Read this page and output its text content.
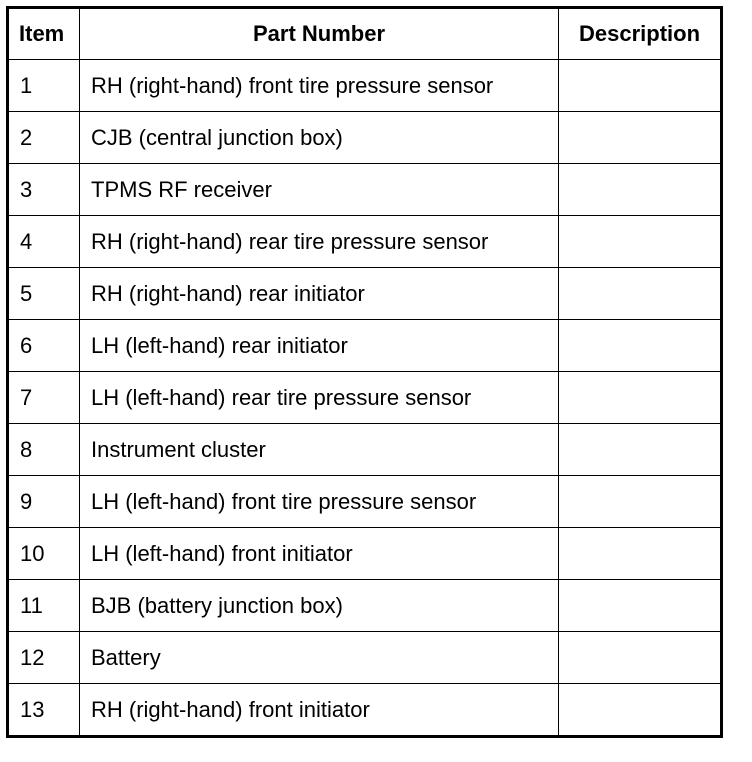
Item	Part Number	Description
1	RH (right-hand) front tire pressure sensor	
2	CJB (central junction box)	
3	TPMS RF receiver	
4	RH (right-hand) rear tire pressure sensor	
5	RH (right-hand) rear initiator	
6	LH (left-hand) rear initiator	
7	LH (left-hand) rear tire pressure sensor	
8	Instrument cluster	
9	LH (left-hand) front tire pressure sensor	
10	LH (left-hand) front initiator	
11	BJB (battery junction box)	
12	Battery	
13	RH (right-hand) front initiator	
